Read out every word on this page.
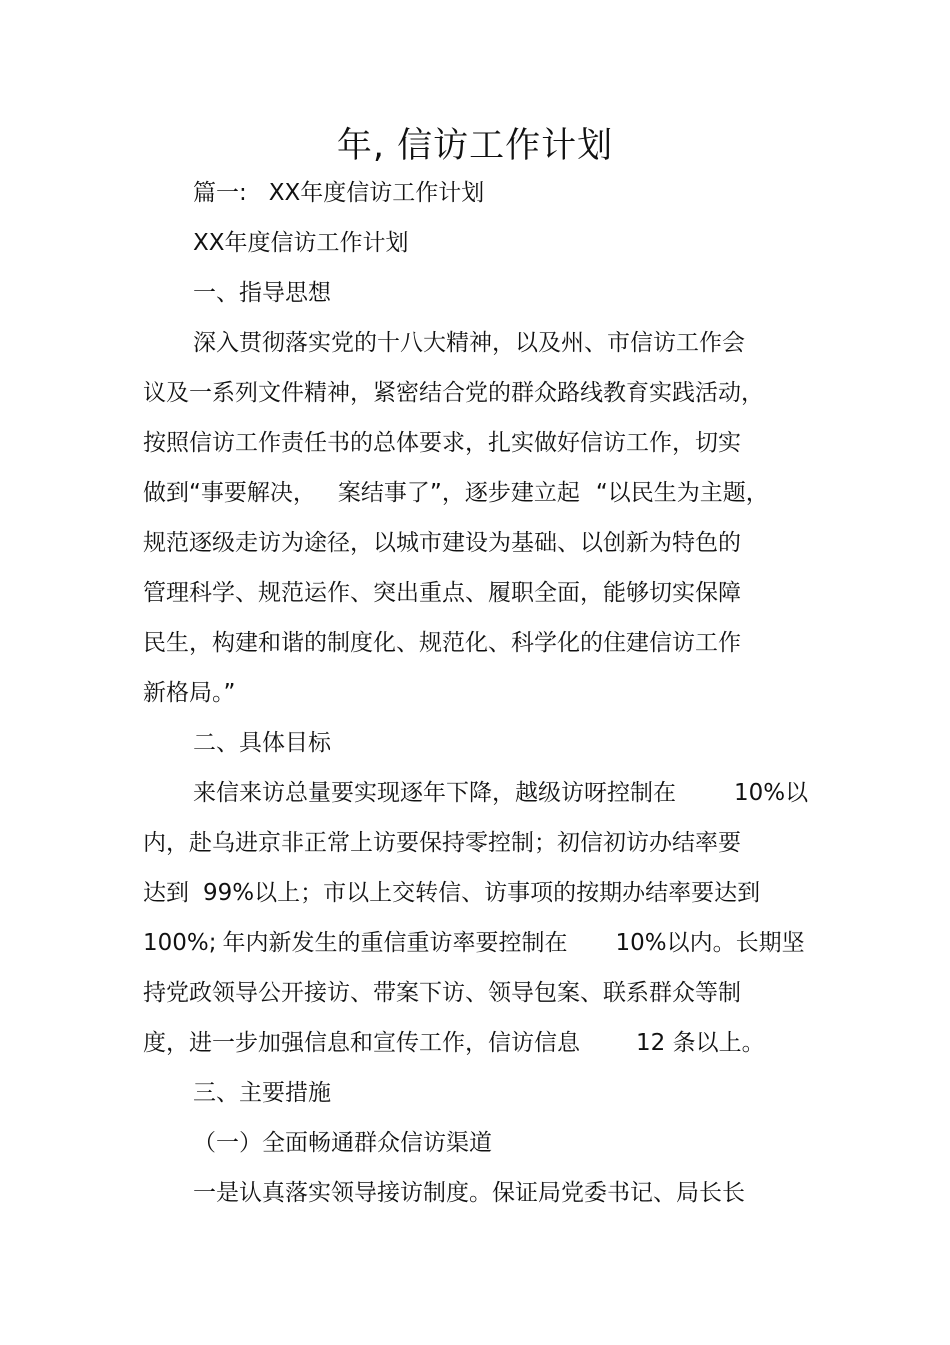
年, 信访工作计划
篇一: XX年度信访工作计划
XX年度信访工作计划
一、指导思想
深入贯彻落实党的十八大精神，以及州、市信访工作会
议及一系列文件精神，紧密结合党的群众路线教育实践活动，
按照信访工作责任书的总体要求，扎实做好信访工作，切实
做到“事要解决， 案结事了”，逐步建立起 “以民生为主题，
规范逐级走访为途径，以城市建设为基础、以创新为特色的
管理科学、规范运作、突出重点、履职全面，能够切实保障
民生，构建和谐的制度化、规范化、科学化的住建信访工作
新格局。”
二、具体目标
来信来访总量要实现逐年下降，越级访呀控制在	10%以
内，赴乌进京非正常上访要保持零控制；初信初访办结率要
达到 99%以上；市以上交转信、访事项的按期办结率要达到
100%; 年内新发生的重信重访率要控制在 10%以内。长期坚
持党政领导公开接访、带案下访、领导包案、联系群众等制
度，进一步加强信息和宣传工作，信访信息 12 条以上。
三、主要措施
（一）全面畅通群众信访渠道
一是认真落实领导接访制度。保证局党委书记、局长长
